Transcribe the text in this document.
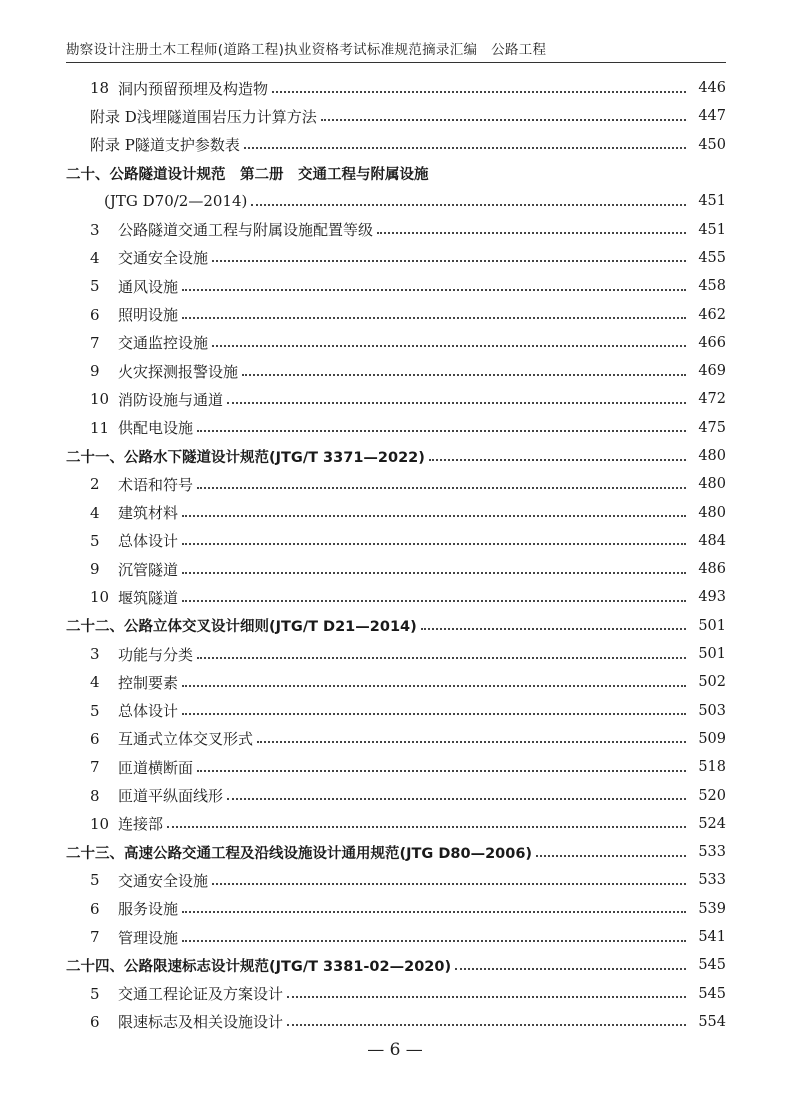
勘察设计注册土木工程师(道路工程)执业资格考试标准规范摘录汇编　公路工程
18 洞内预留预埋及构造物	446
附录 D 浅埋隧道围岩压力计算方法	447
附录 P 隧道支护参数表	450
二十、公路隧道设计规范　第二册　交通工程与附属设施
(JTG D70/2—2014)	451
3	公路隧道交通工程与附属设施配置等级	451
4	交通安全设施	455
5	通风设施	458
6	照明设施	462
7	交通监控设施	466
9	火灾探测报警设施	469
10 消防设施与通道	472
11 供配电设施	475
二十一、公路水下隧道设计规范(JTG/T 3371—2022)	480
2	术语和符号	480
4	建筑材料	480
5	总体设计	484
9	沉管隧道	486
10 堰筑隧道	493
二十二、公路立体交叉设计细则(JTG/T D21—2014)	501
3	功能与分类	501
4	控制要素	502
5	总体设计	503
6	互通式立体交叉形式	509
7	匝道横断面	518
8	匝道平纵面线形	520
10 连接部	524
二十三、高速公路交通工程及沿线设施设计通用规范(JTG D80—2006)	533
5	交通安全设施	533
6	服务设施	539
7	管理设施	541
二十四、公路限速标志设计规范(JTG/T 3381-02—2020)	545
5	交通工程论证及方案设计	545
6	限速标志及相关设施设计	554
— 6 —
